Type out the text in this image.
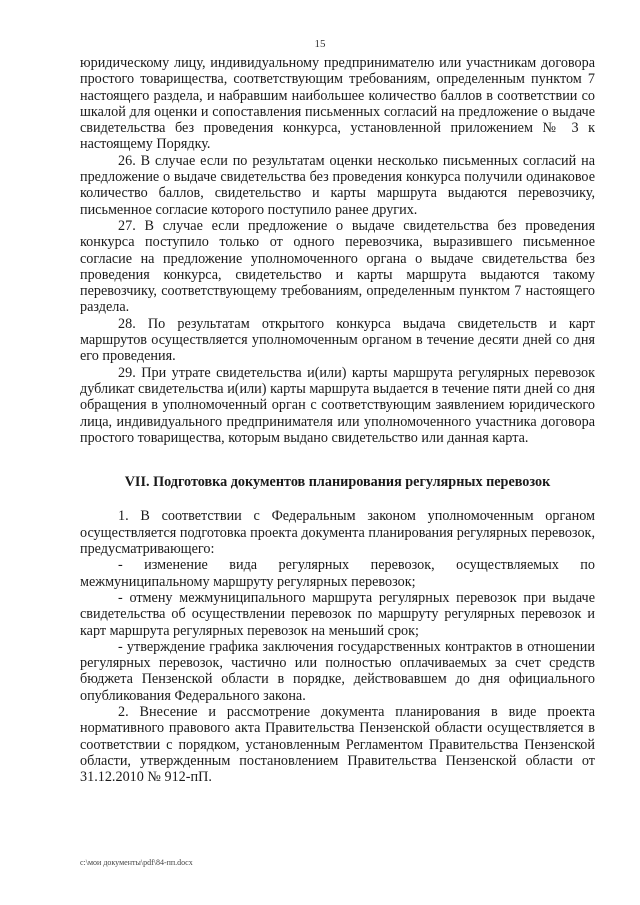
15

юридическому лицу, индивидуальному предпринимателю или участникам договора простого товарищества, соответствующим требованиям, определенным пунктом 7 настоящего раздела, и набравшим наибольшее количество баллов в соответствии со шкалой для оценки и сопоставления письменных согласий на предложение о выдаче свидетельства без проведения конкурса, установленной приложением № 3 к настоящему Порядку.

26. В случае если по результатам оценки несколько письменных согласий на предложение о выдаче свидетельства без проведения конкурса получили одинаковое количество баллов, свидетельство и карты маршрута выдаются перевозчику, письменное согласие которого поступило ранее других.

27. В случае если предложение о выдаче свидетельства без проведения конкурса поступило только от одного перевозчика, выразившего письменное согласие на предложение уполномоченного органа о выдаче свидетельства без проведения конкурса, свидетельство и карты маршрута выдаются такому перевозчику, соответствующему требованиям, определенным пунктом 7 настоящего раздела.

28. По результатам открытого конкурса выдача свидетельств и карт маршрутов осуществляется уполномоченным органом в течение десяти дней со дня его проведения.

29. При утрате свидетельства и(или) карты маршрута регулярных перевозок дубликат свидетельства и(или) карты маршрута выдается в течение пяти дней со дня обращения в уполномоченный орган с соответствующим заявлением юридического лица, индивидуального предпринимателя или уполномоченного участника договора простого товарищества, которым выдано свидетельство или данная карта.

VII. Подготовка документов планирования регулярных перевозок

1. В соответствии с Федеральным законом уполномоченным органом осуществляется подготовка проекта документа планирования регулярных перевозок, предусматривающего:

- изменение вида регулярных перевозок, осуществляемых по межмуниципальному маршруту регулярных перевозок;

- отмену межмуниципального маршрута регулярных перевозок при выдаче свидетельства об осуществлении перевозок по маршруту регулярных перевозок и карт маршрута регулярных перевозок на меньший срок;

- утверждение графика заключения государственных контрактов в отношении регулярных перевозок, частично или полностью оплачиваемых за счет средств бюджета Пензенской области в порядке, действовавшем до дня официального опубликования Федерального закона.

2. Внесение и рассмотрение документа планирования в виде проекта нормативного правового акта Правительства Пензенской области осуществляется в соответствии с порядком, установленным Регламентом Правительства Пензенской области, утвержденным постановлением Правительства Пензенской области от 31.12.2010 № 912-пП.

c:\мои документы\pdf\84-пп.docx
